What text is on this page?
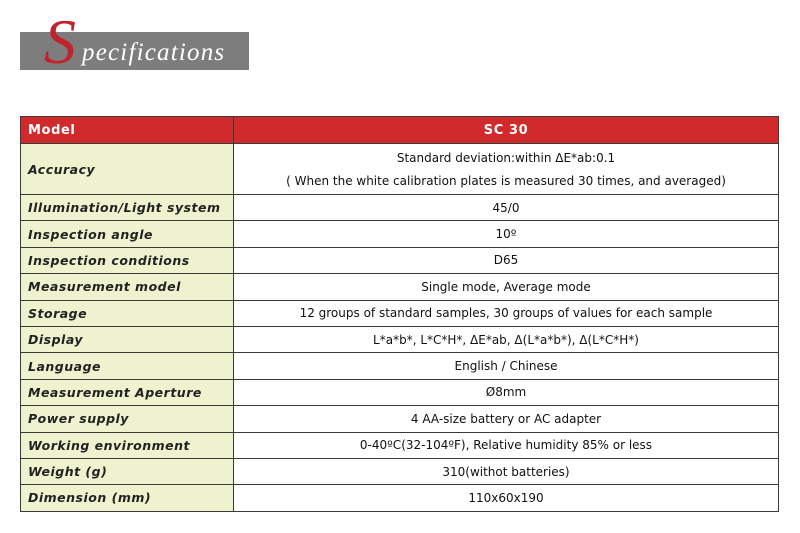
S pecifications
Model	SC 30
Accuracy	Standard deviation:within ΔE*ab:0.1
( When the white calibration plates is measured 30 times, and averaged)

Illumination/Light system	45/0
Inspection angle	10º
Inspection conditions	D65
Measurement model	Single mode, Average mode
Storage	12 groups of standard samples, 30 groups of values for each sample
Display	L*a*b*, L*C*H*, ΔE*ab, Δ(L*a*b*), Δ(L*C*H*)
Language	English / Chinese
Measurement Aperture	Ø8mm
Power supply	4 AA-size battery or AC adapter
Working environment	0-40ºC(32-104ºF), Relative humidity 85% or less
Weight (g)	310(withot batteries)
Dimension (mm)	110x60x190
